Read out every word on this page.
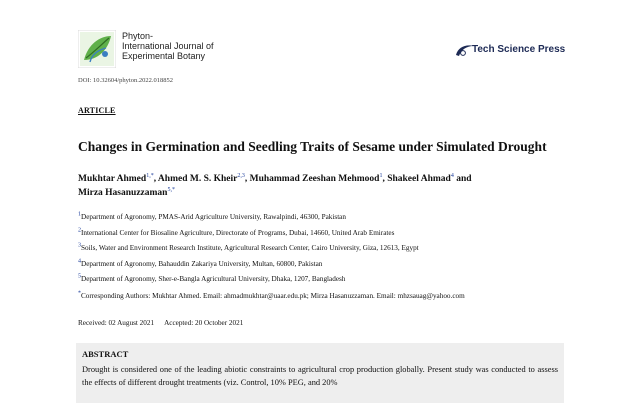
Phyton-
International Journal of
Experimental Botany
Tech Science Press
DOI: 10.32604/phyton.2022.018852
ARTICLE
Changes in Germination and Seedling Traits of Sesame under Simulated Drought
Mukhtar Ahmed$^{1,*}$, Ahmed M. S. Kheir$^{2,3}$, Muhammad Zeeshan Mehmood$^1$, Shakeel Ahmad$^4$ and
Mirza Hasanuzzaman$^{5,*}$
$^1$Department of Agronomy, PMAS-Arid Agriculture University, Rawalpindi, 46300, Pakistan
$^2$International Center for Biosaline Agriculture, Directorate of Programs, Dubai, 14660, United Arab Emirates
$^3$Soils, Water and Environment Research Institute, Agricultural Research Center, Cairo University, Giza, 12613, Egypt
$^4$Department of Agronomy, Bahauddin Zakariya University, Multan, 60800, Pakistan
$^5$Department of Agronomy, Sher-e-Bangla Agricultural University, Dhaka, 1207, Bangladesh
*Corresponding Authors: Mukhtar Ahmed. Email: ahmadmukhtar@uaar.edu.pk; Mirza Hasanuzzaman. Email: mhzsauag@yahoo.com
Received: 02 August 2021 Accepted: 20 October 2021
ABSTRACT
Drought is considered one of the leading abiotic constraints to agricultural crop production globally. Present study was conducted to assess the effects of different drought treatments (viz. Control, 10% PEG, and 20%
